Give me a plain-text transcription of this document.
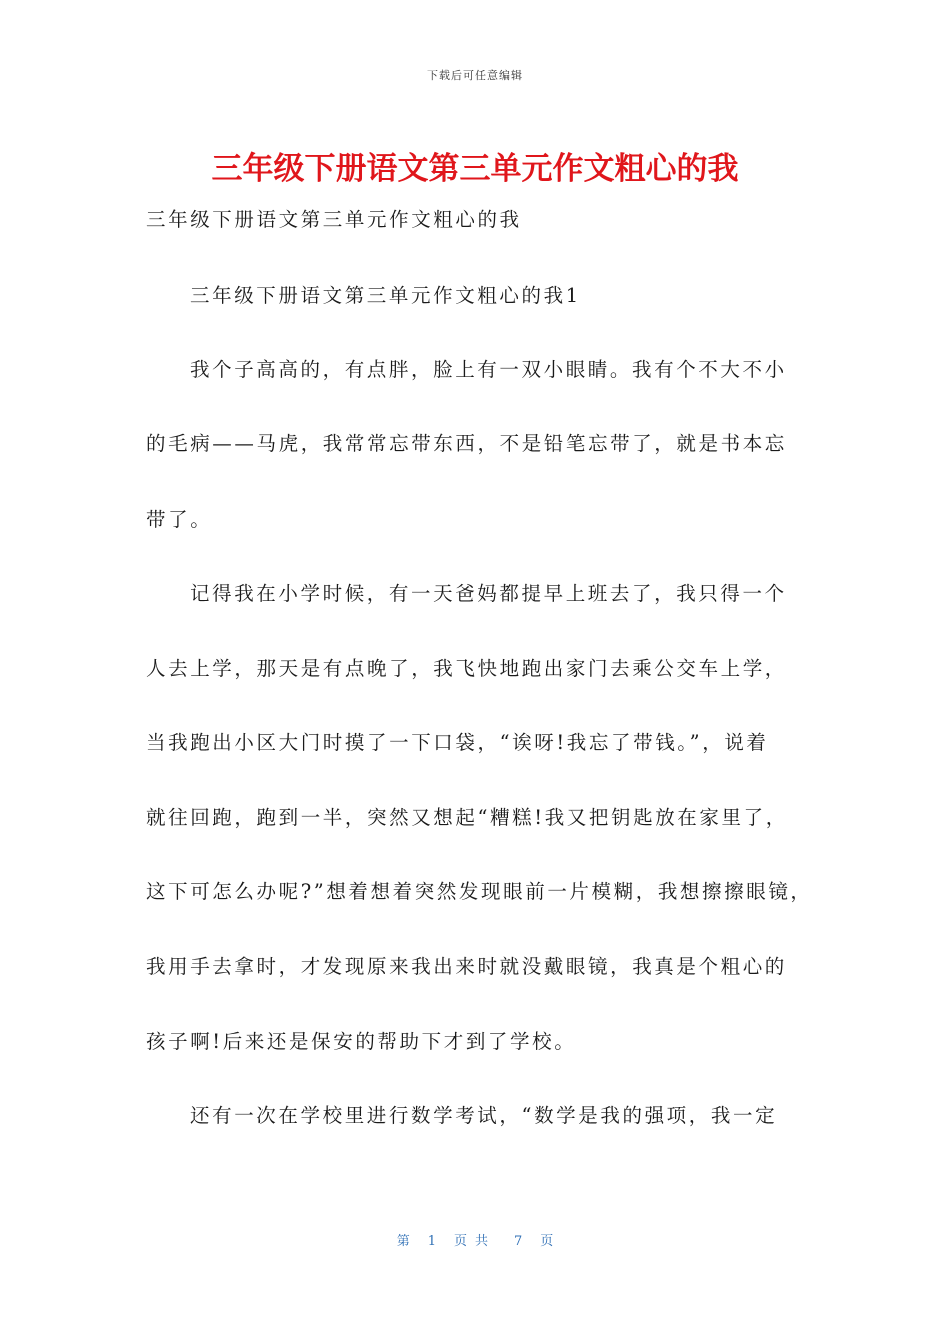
下载后可任意编辑
三年级下册语文第三单元作文粗心的我
三年级下册语文第三单元作文粗心的我
三年级下册语文第三单元作文粗心的我1
我个子高高的，有点胖，脸上有一双小眼睛。我有个不大不小
的毛病——马虎，我常常忘带东西，不是铅笔忘带了，就是书本忘
带了。
记得我在小学时候，有一天爸妈都提早上班去了，我只得一个
人去上学，那天是有点晚了，我飞快地跑出家门去乘公交车上学，
当我跑出小区大门时摸了一下口袋，“诶呀!我忘了带钱。”，说着
就往回跑，跑到一半，突然又想起“糟糕!我又把钥匙放在家里了，
这下可怎么办呢?”想着想着突然发现眼前一片模糊，我想擦擦眼镜，
我用手去拿时，才发现原来我出来时就没戴眼镜，我真是个粗心的
孩子啊!后来还是保安的帮助下才到了学校。
还有一次在学校里进行数学考试，“数学是我的强项，我一定
第 1 页共 7 页
